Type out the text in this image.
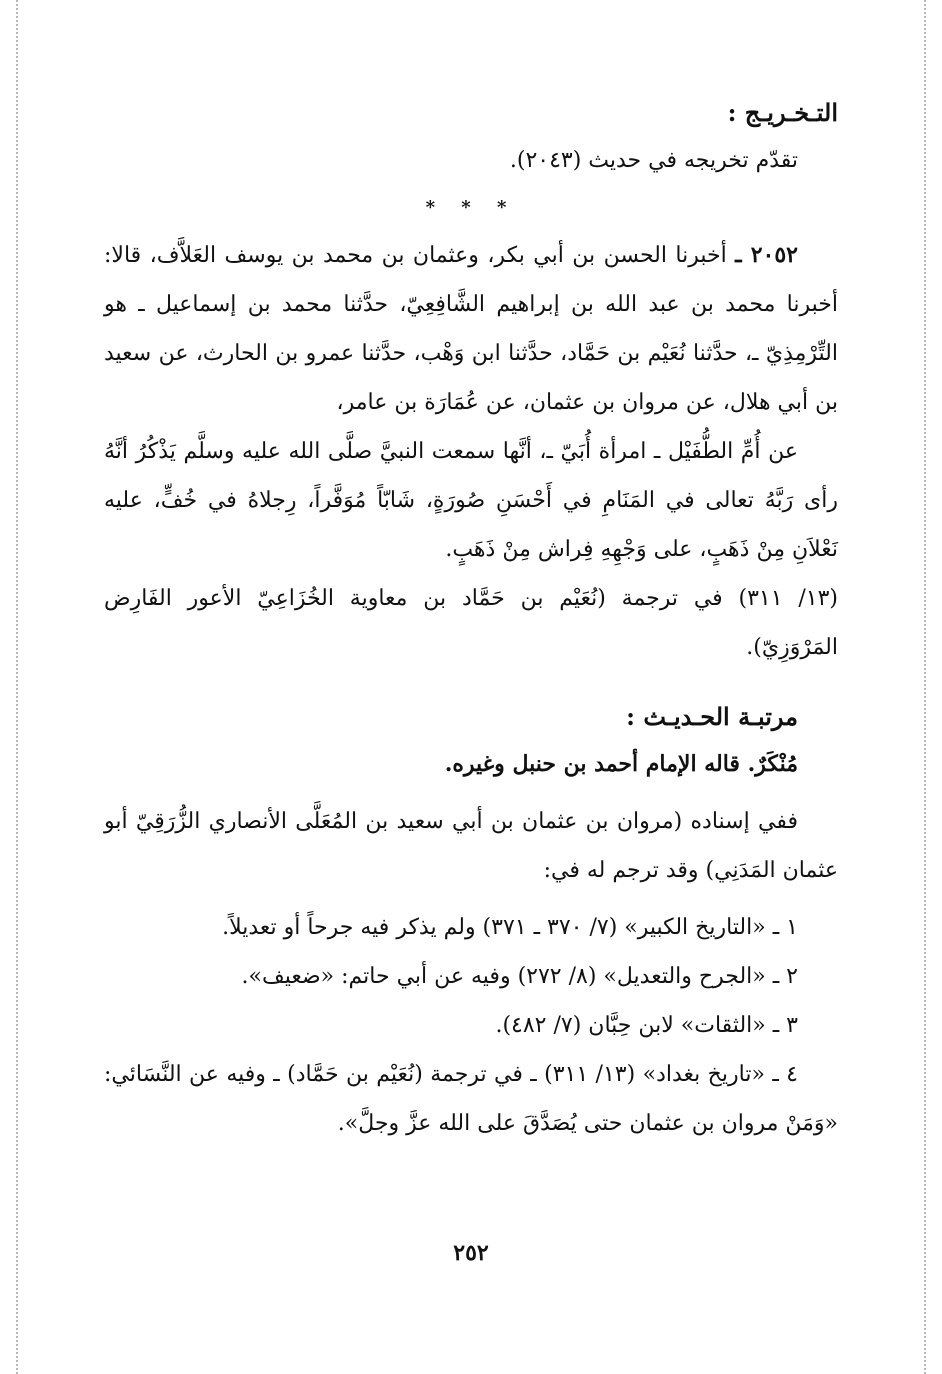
التـخـريـج :

تقدّم تخريجه في حديث (٢٠٤٣).

* * *

٢٠٥٢ ـ أخبرنا الحسن بن أبي بكر، وعثمان بن محمد بن يوسف العَلاَّف، قالا: أخبرنا محمد بن عبد الله بن إبراهيم الشَّافِعِيّ، حدَّثنا محمد بن إسماعيل ـ هو التِّرْمِذِيّ ـ، حدَّثنا نُعَيْم بن حَمَّاد، حدَّثنا ابن وَهْب، حدَّثنا عمرو بن الحارث، عن سعيد بن أبي هلال، عن مروان بن عثمان، عن عُمَارَة بن عامر،

عن أُمِّ الطُّفَيْل ـ امرأة أُبَيّ ـ، أنَّها سمعت النبيَّ صلَّى الله عليه وسلَّم يَذْكُرُ أنَّهُ رأى رَبَّهُ تعالى في المَنَامِ في أَحْسَنِ صُورَةٍ، شَابّاً مُوَفَّراً، رِجلاهُ في خُفٍّ، عليه نَعْلاَنِ مِنْ ذَهَبٍ، على وَجْهِهِ فِراش مِنْ ذَهَبٍ.

(١٣/ ٣١١) في ترجمة (نُعَيْم بن حَمَّاد بن معاوية الخُزَاعِيّ الأعور الفَارِض المَرْوَزِيّ).

مرتبـة الحـديـث :

مُنْكَرٌ. قاله الإمام أحمد بن حنبل وغيره.

ففي إسناده (مروان بن عثمان بن أبي سعيد بن المُعَلَّى الأنصاري الزُّرَقِيّ أبو عثمان المَدَنِي) وقد ترجم له في:

١ ـ «التاريخ الكبير» (٧/ ٣٧٠ ـ ٣٧١) ولم يذكر فيه جرحاً أو تعديلاً.

٢ ـ «الجرح والتعديل» (٨/ ٢٧٢) وفيه عن أبي حاتم: «ضعيف».

٣ ـ «الثقات» لابن حِبَّان (٧/ ٤٨٢).

٤ ـ «تاريخ بغداد» (١٣/ ٣١١) ـ في ترجمة (نُعَيْم بن حَمَّاد) ـ وفيه عن النَّسَائي: «وَمَنْ مروان بن عثمان حتى يُصَدَّقَ على الله عزَّ وجلَّ».

٢٥٢
